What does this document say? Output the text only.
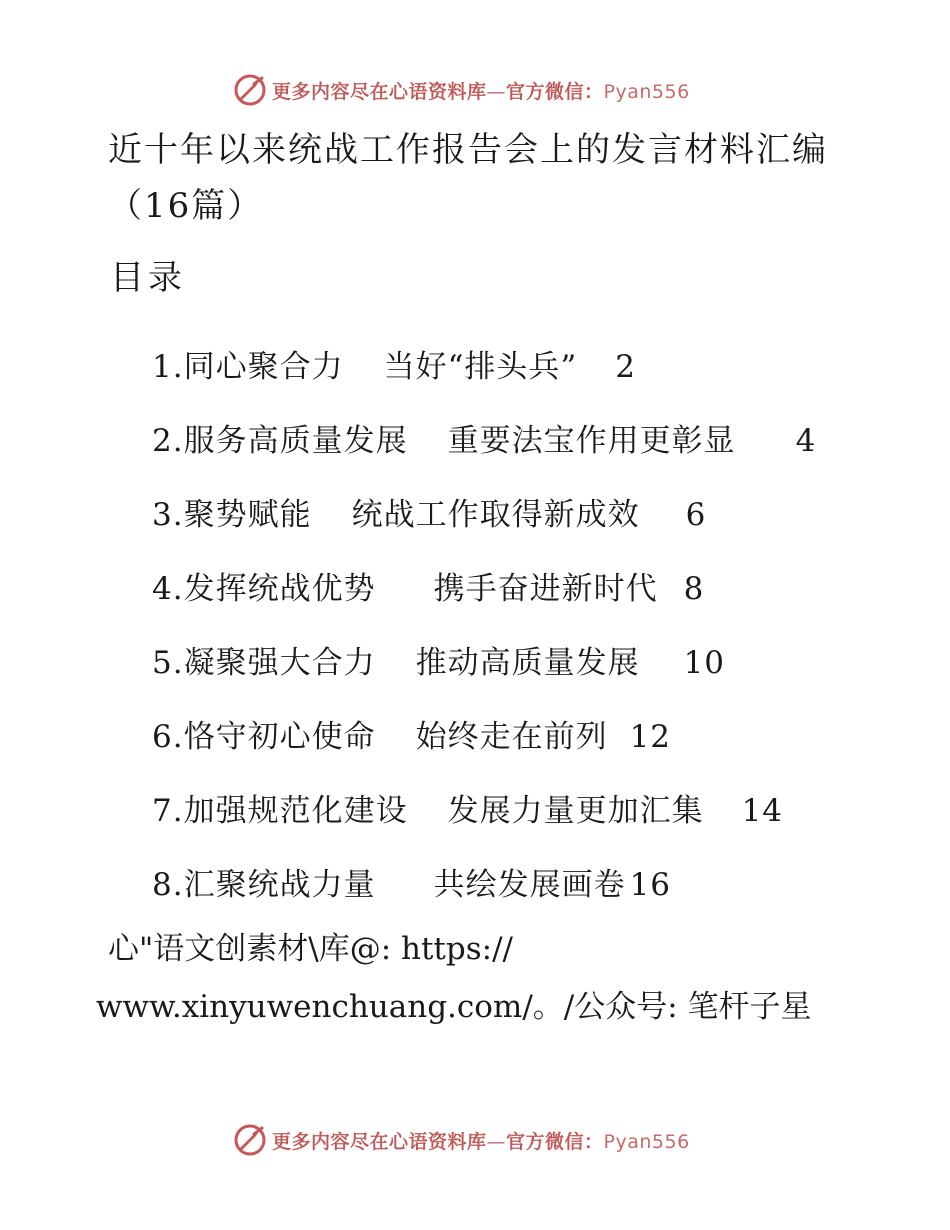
更多内容尽在心语资料库—官方微信：Pyan556
近十年以来统战工作报告会上的发言材料汇编
（16篇）
目录
1.同心聚合力 当好“排头兵” 2
2.服务高质量发展 重要法宝作用更彰显 4
3.聚势赋能 统战工作取得新成效 6
4.发挥统战优势 携手奋进新时代 8
5.凝聚强大合力 推动高质量发展 10
6.恪守初心使命 始终走在前列 12
7.加强规范化建设 发展力量更加汇集 14
8.汇聚统战力量 共绘发展画卷 16
心"语文创素材\库@: https://
www.xinyuwenchuang.com/。/公众号: 笔杆子星
更多内容尽在心语资料库—官方微信：Pyan556
